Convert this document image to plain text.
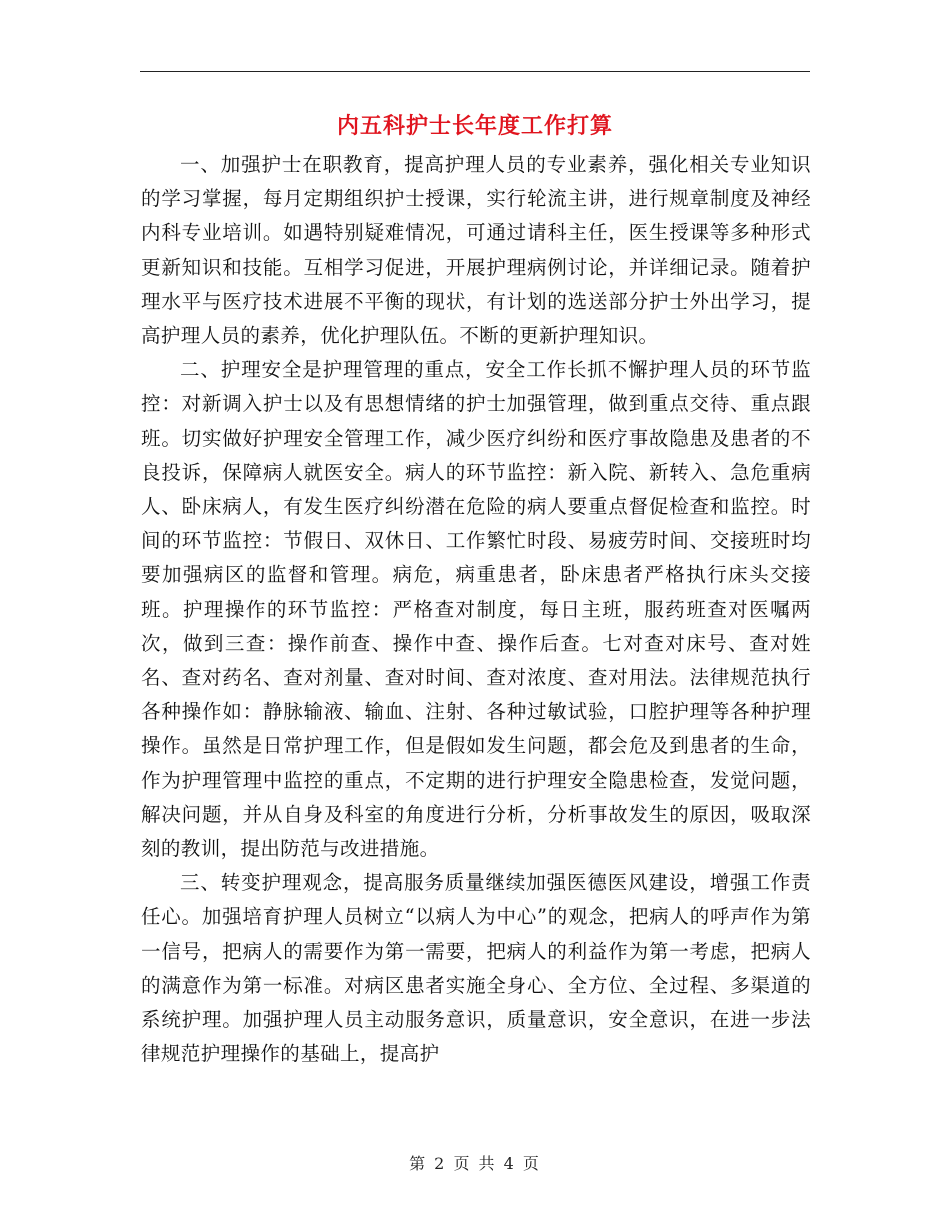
内五科护士长年度工作打算

一、加强护士在职教育，提高护理人员的专业素养，强化相关专业知识的学习掌握，每月定期组织护士授课，实行轮流主讲，进行规章制度及神经内科专业培训。如遇特别疑难情况，可通过请科主任，医生授课等多种形式更新知识和技能。互相学习促进，开展护理病例讨论，并详细记录。随着护理水平与医疗技术进展不平衡的现状，有计划的选送部分护士外出学习，提高护理人员的素养，优化护理队伍。不断的更新护理知识。

二、护理安全是护理管理的重点，安全工作长抓不懈护理人员的环节监控：对新调入护士以及有思想情绪的护士加强管理，做到重点交待、重点跟班。切实做好护理安全管理工作，减少医疗纠纷和医疗事故隐患及患者的不良投诉，保障病人就医安全。病人的环节监控：新入院、新转入、急危重病人、卧床病人，有发生医疗纠纷潜在危险的病人要重点督促检查和监控。时间的环节监控：节假日、双休日、工作繁忙时段、易疲劳时间、交接班时均要加强病区的监督和管理。病危，病重患者，卧床患者严格执行床头交接班。护理操作的环节监控：严格查对制度，每日主班，服药班查对医嘱两次，做到三查：操作前查、操作中查、操作后查。七对查对床号、查对姓名、查对药名、查对剂量、查对时间、查对浓度、查对用法。法律规范执行各种操作如：静脉输液、输血、注射、各种过敏试验，口腔护理等各种护理操作。虽然是日常护理工作，但是假如发生问题，都会危及到患者的生命，作为护理管理中监控的重点，不定期的进行护理安全隐患检查，发觉问题，解决问题，并从自身及科室的角度进行分析，分析事故发生的原因，吸取深刻的教训，提出防范与改进措施。

三、转变护理观念，提高服务质量继续加强医德医风建设，增强工作责任心。加强培育护理人员树立“以病人为中心”的观念，把病人的呼声作为第一信号，把病人的需要作为第一需要，把病人的利益作为第一考虑，把病人的满意作为第一标准。对病区患者实施全身心、全方位、全过程、多渠道的系统护理。加强护理人员主动服务意识，质量意识，安全意识，在进一步法律规范护理操作的基础上，提高护

第 2 页 共 4 页
